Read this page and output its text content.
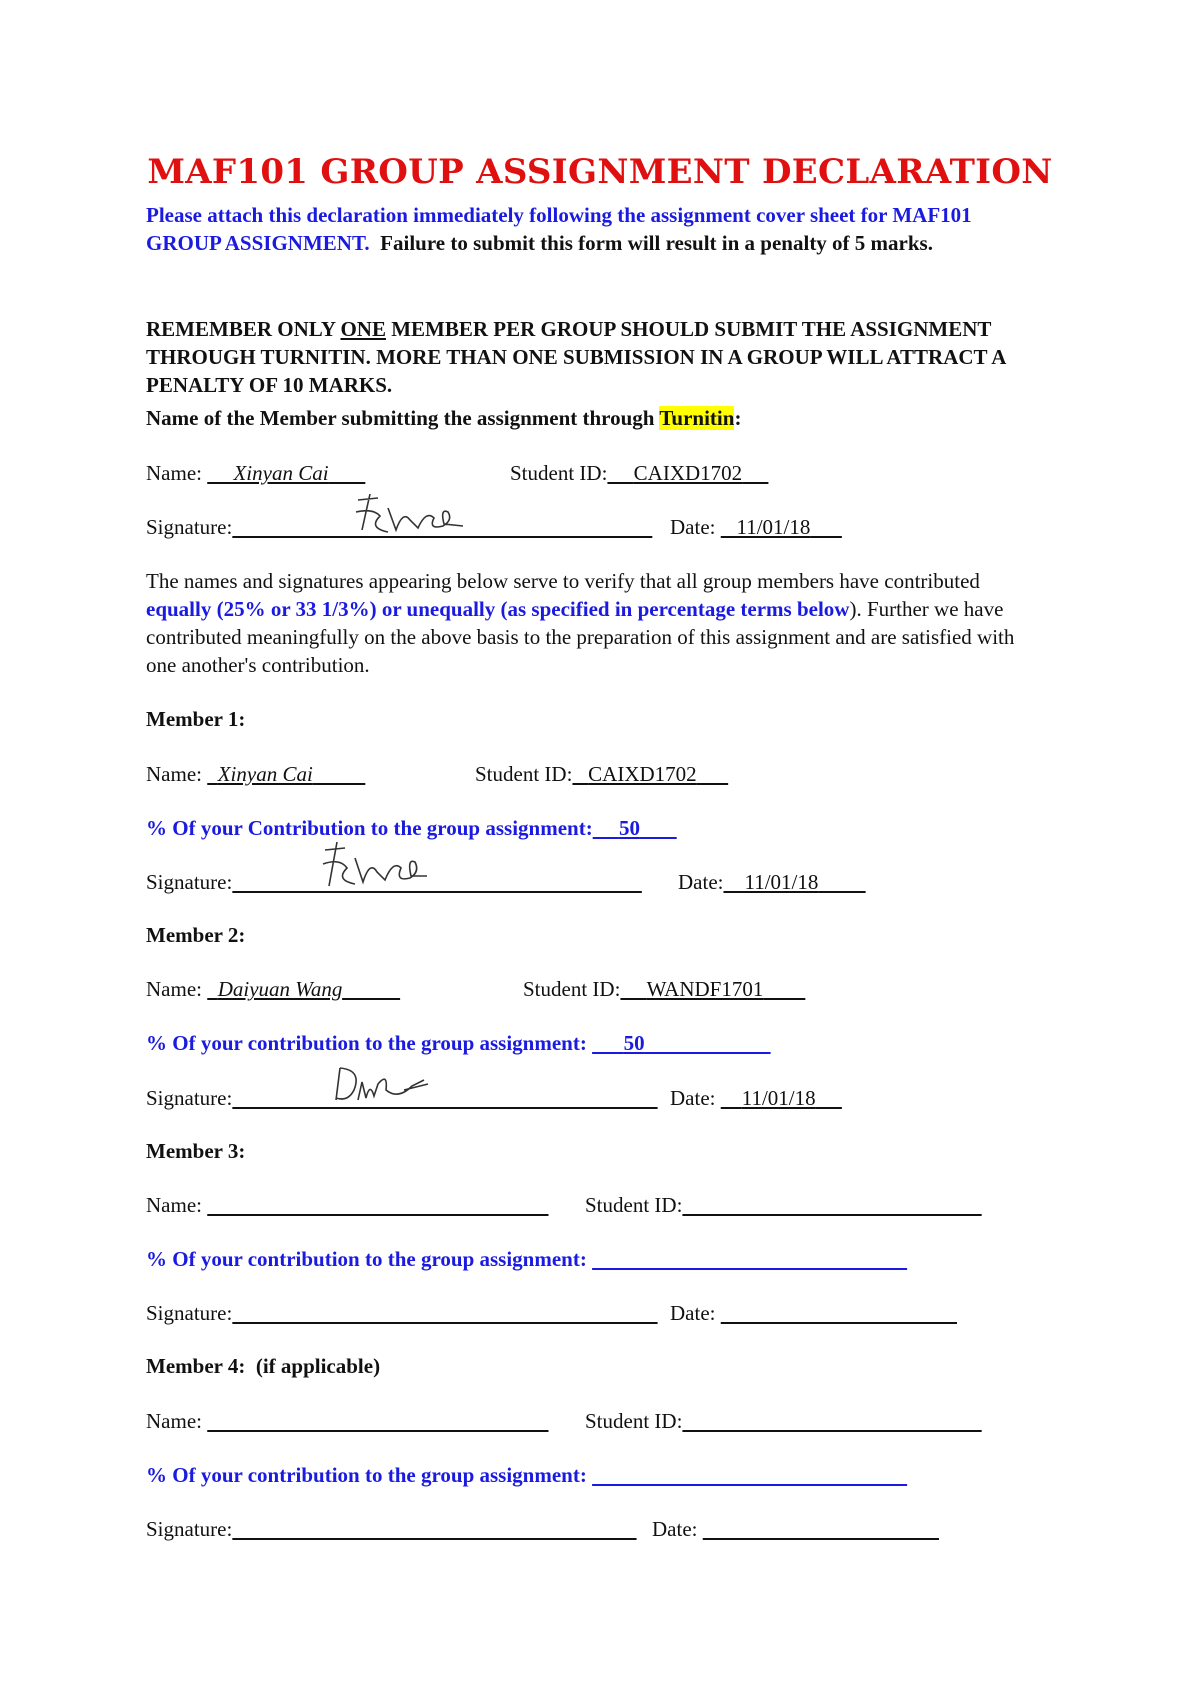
MAF101 GROUP ASSIGNMENT DECLARATION
Please attach this declaration immediately following the assignment cover sheet for MAF101 GROUP ASSIGNMENT. Failure to submit this form will result in a penalty of 5 marks.
REMEMBER ONLY ONE MEMBER PER GROUP SHOULD SUBMIT THE ASSIGNMENT THROUGH TURNITIN. MORE THAN ONE SUBMISSION IN A GROUP WILL ATTRACT A PENALTY OF 10 MARKS.
Name of the Member submitting the assignment through Turnitin:
Name: Xinyan Cai	Student ID: CAIXD1702
Signature:	Date: 11/01/18
The names and signatures appearing below serve to verify that all group members have contributed equally (25% or 33 1/3%) or unequally (as specified in percentage terms below). Further we have contributed meaningfully on the above basis to the preparation of this assignment and are satisfied with one another's contribution.
Member 1:
Name: Xinyan Cai	Student ID: CAIXD1702
% Of your Contribution to the group assignment: 50
Signature:	Date: 11/01/18
Member 2:
Name: Daiyuan Wang	Student ID: WANDF1701
% Of your contribution to the group assignment: 50
Signature:	Date: 11/01/18
Member 3:
Name:	Student ID:
% Of your contribution to the group assignment:
Signature:	Date:
Member 4: (if applicable)
Name:	Student ID:
% Of your contribution to the group assignment:
Signature:	Date:
